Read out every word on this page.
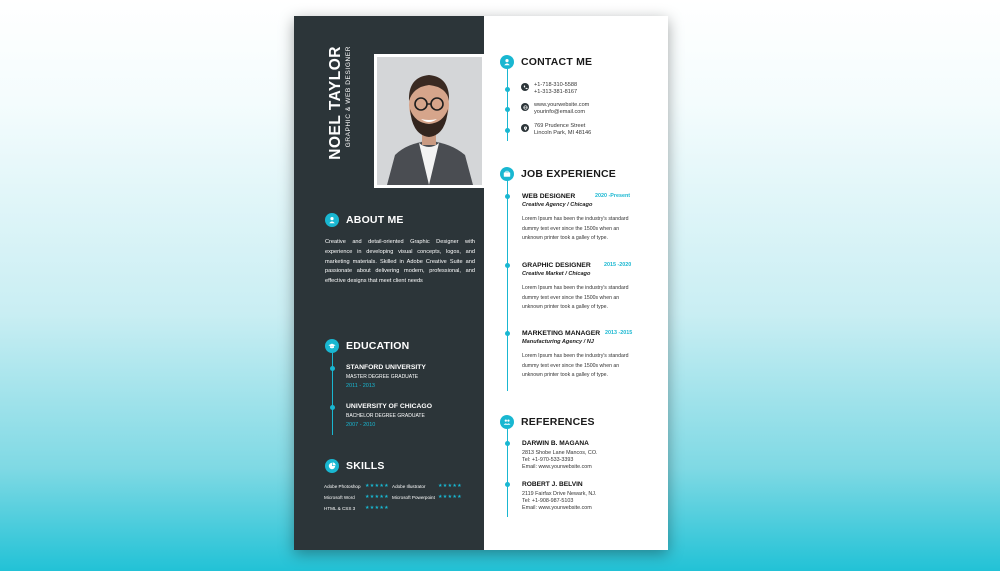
NOEL TAYLOR GRAPHIC & WEB DESIGNER
ABOUT ME
Creative and detail-oriented Graphic Designer with experience in developing visual concepts, logos, and marketing materials. Skilled in Adobe Creative Suite and passionate about delivering modern, professional, and effective designs that meet client needs
EDUCATION
STANFORD UNIVERSITY
MASTER DEGREE GRADUATE
2011 - 2013
UNIVERSITY OF CHICAGO
BACHELOR DEGREE GRADUATE
2007 - 2010
SKILLS
Adobe Photoshop ★★★★★ Adobe Illustrator	★★★★★
Microsoft Word ★★★★★ Microsoft Powerpoint ★★★★★
HTML & CSS 3 ★★★★★
CONTACT ME
+1-718-310-5588
+1-313-381-8167
www.yourwebsite.com
yourinfo@email.com
769 Prudence Street
Lincoln Park, MI 48146
JOB EXPERIENCE
WEB DESIGNER	2020 -Present
Creative Agency / Chicago
Lorem Ipsum has been the industry's standard dummy text ever since the 1500s when an unknown printer took a galley of type.
GRAPHIC DESIGNER 2015 -2020
Creative Market / Chicago
Lorem Ipsum has been the industry's standard dummy text ever since the 1500s when an unknown printer took a galley of type.
MARKETING MANAGER 2013 -2015
Manufacturing Agency / NJ
Lorem Ipsum has been the industry's standard dummy text ever since the 1500s when an unknown printer took a galley of type.
REFERENCES
DARWIN B. MAGANA
2813 Shobe Lane Mancos, CO.
Tel: +1-970-533-3393
Email: www.yourwebsite.com
ROBERT J. BELVIN
2119 Fairfax Drive Newark, NJ.
Tel: +1-908-987-5103
Email: www.yourwebsite.com
